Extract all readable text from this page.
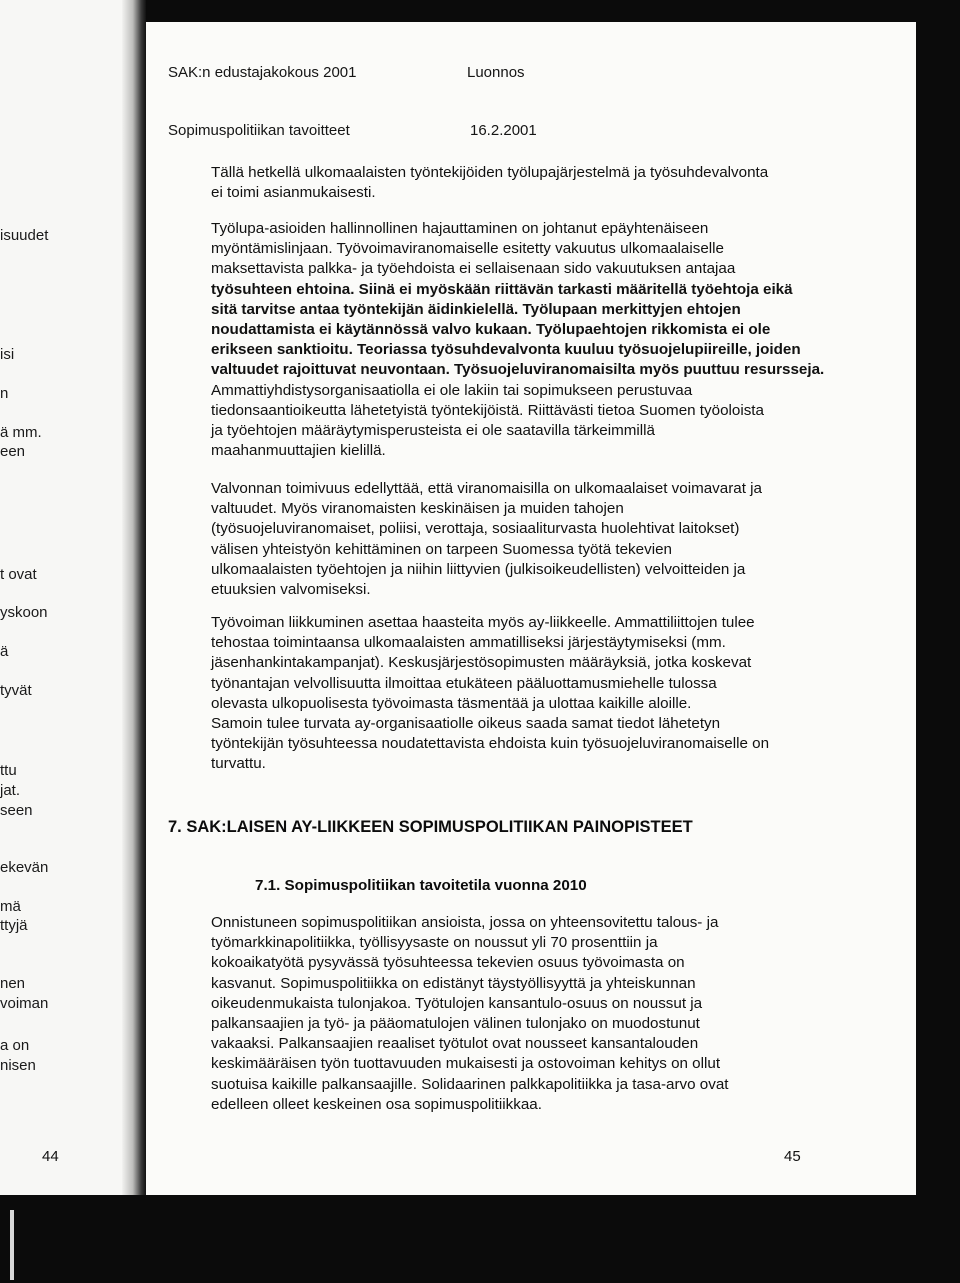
isuudet

isi

n

ä mm.

een

t ovat

yskoon

ä

tyvät

ttu

jat.

seen

ekevän

mä

ttyjä

nen

voiman

a on

nisen

44

SAK:n edustajakokous 2001	Luonnos

Sopimuspolitiikan tavoitteet	16.2.2001

Tällä hetkellä ulkomaalaisten työntekijöiden työlupajärjestelmä ja työsuhdevalvonta
ei toimi asianmukaisesti.
Työlupa-asioiden hallinnollinen hajauttaminen on johtanut epäyhtenäiseen
myöntämislinjaan. Työvoimaviranomaiselle esitetty vakuutus ulkomaalaiselle
maksettavista palkka- ja työehdoista ei sellaisenaan sido vakuutuksen antajaa
työsuhteen ehtoina. Siinä ei myöskään riittävän tarkasti määritellä työehtoja eikä
sitä tarvitse antaa työntekijän äidinkielellä. Työlupaan merkittyjen ehtojen
noudattamista ei käytännössä valvo kukaan. Työlupaehtojen rikkomista ei ole
erikseen sanktioitu. Teoriassa työsuhdevalvonta kuuluu työsuojelupiireille, joiden
valtuudet rajoittuvat neuvontaan. Työsuojeluviranomaisilta myös puuttuu resursseja.
Ammattiyhdistysorganisaatiolla ei ole lakiin tai sopimukseen perustuvaa
tiedonsaantioikeutta lähetetyistä työntekijöistä. Riittävästi tietoa Suomen työoloista
ja työehtojen määräytymisperusteista ei ole saatavilla tärkeimmillä
maahanmuuttajien kielillä.
Valvonnan toimivuus edellyttää, että viranomaisilla on ulkomaalaiset voimavarat ja
valtuudet. Myös viranomaisten keskinäisen ja muiden tahojen
(työsuojeluviranomaiset, poliisi, verottaja, sosiaaliturvasta huolehtivat laitokset)
välisen yhteistyön kehittäminen on tarpeen Suomessa työtä tekevien
ulkomaalaisten työehtojen ja niihin liittyvien (julkisoikeudellisten) velvoitteiden ja
etuuksien valvomiseksi.
Työvoiman liikkuminen asettaa haasteita myös ay-liikkeelle. Ammattiliittojen tulee
tehostaa toimintaansa ulkomaalaisten ammatilliseksi järjestäytymiseksi (mm.
jäsenhankintakampanjat). Keskusjärjestösopimusten määräyksiä, jotka koskevat
työnantajan velvollisuutta ilmoittaa etukäteen pääluottamusmiehelle tulossa
olevasta ulkopuolisesta työvoimasta täsmentää ja ulottaa kaikille aloille.
Samoin tulee turvata ay-organisaatiolle oikeus saada samat tiedot lähetetyn
työntekijän työsuhteessa noudatettavista ehdoista kuin työsuojeluviranomaiselle on
turvattu.

7. SAK:LAISEN AY-LIIKKEEN SOPIMUSPOLITIIKAN PAINOPISTEET

7.1. Sopimuspolitiikan tavoitetila vuonna 2010

Onnistuneen sopimuspolitiikan ansioista, jossa on yhteensovitettu talous- ja
työmarkkinapolitiikka, työllisyysaste on noussut yli 70 prosenttiin ja
kokoaikatyötä pysyvässä työsuhteessa tekevien osuus työvoimasta on
kasvanut. Sopimuspolitiikka on edistänyt täystyöllisyyttä ja yhteiskunnan
oikeudenmukaista tulonjakoa. Työtulojen kansantulo-osuus on noussut ja
palkansaajien ja työ- ja pääomatulojen välinen tulonjako on muodostunut
vakaaksi. Palkansaajien reaaliset työtulot ovat nousseet kansantalouden
keskimääräisen työn tuottavuuden mukaisesti ja ostovoiman kehitys on ollut
suotuisa kaikille palkansaajille. Solidaarinen palkkapolitiikka ja tasa-arvo ovat
edelleen olleet keskeinen osa sopimuspolitiikkaa.

45
